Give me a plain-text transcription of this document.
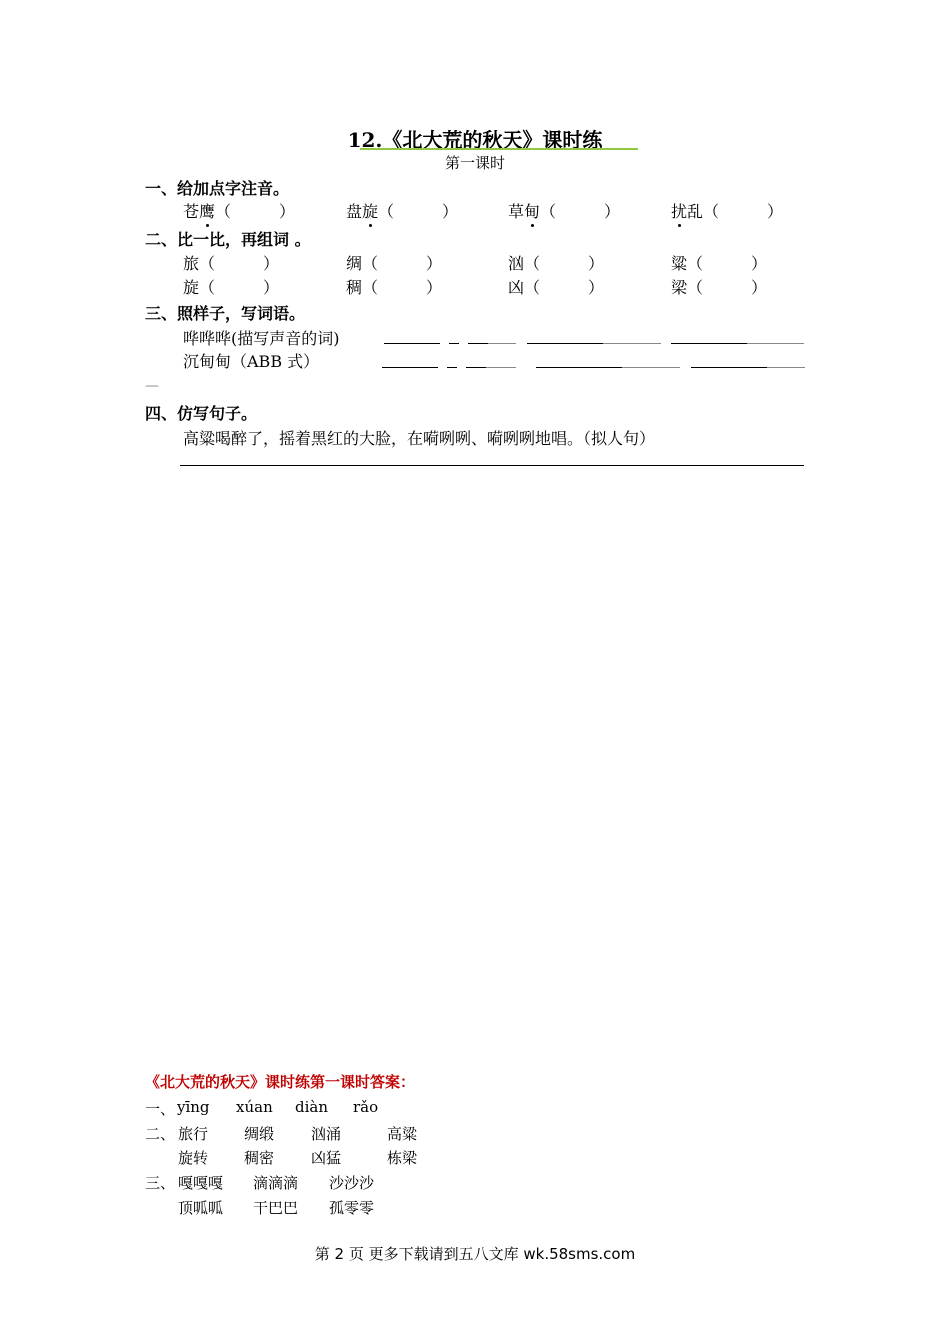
12.《北大荒的秋天》课时练
第一课时
一、给加点字注音。
苍鹰（　　　）	盘旋（　　　）	草甸（　　　）	扰乱（　　　）
二、比一比，再组词 。
旅（　　　）	绸（　　　）	汹（　　　）	粱（　　　）
旋（　　　）	稠（　　　）	凶（　　　）	梁（　　　）
三、照样子，写词语。
哗哗哗(描写声音的词)
沉甸甸（ABB 式）
—
四、仿写句子。
高粱喝醉了，摇着黑红的大脸，在嗬咧咧、嗬咧咧地唱。（拟人句）
《北大荒的秋天》课时练第一课时答案：
一、 yīng xúan diàn rǎo
二、 旅行 绸缎 汹涌	高粱
旋转 稠密 凶猛	栋梁
三、 嘎嘎嘎 滴滴滴 沙沙沙
顶呱呱 干巴巴 孤零零
第 2 页 更多下载请到五八文库 wk.58sms.com
